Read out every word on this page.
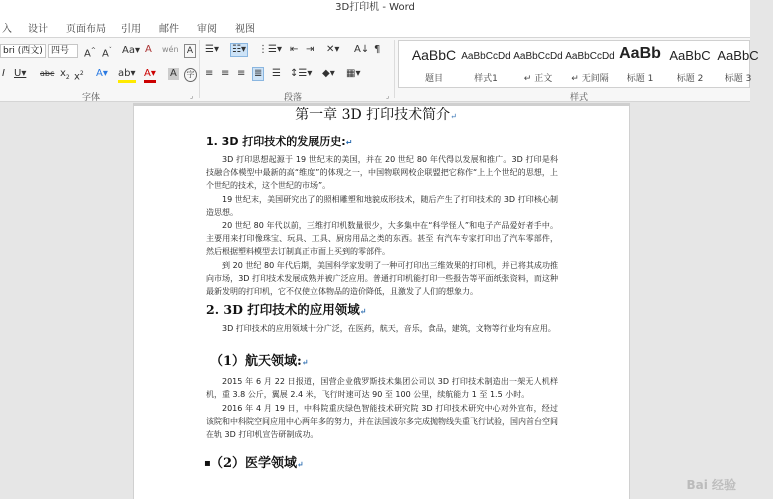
3D打印机 - Word
入 设计 页面布局 引用 邮件 审阅 视图
bri (西文) 四号	A^ $A^ˇ$ Aa▾ A
I U▾ abc $x_2$ $x^2$ A▾ ab▾ A▾ A	字
wén A
字体	⌟
☰▾ ☷▾ ⋮☰▾ ⇤ ⇥ ✕▾ A↓ ¶
≡ ≡ ≡ ≣ ☰ ↕☰▾ ◆▾ ▦▾
段落	⌟	样式
AaBbC
题目
AaBbCcDd
样式1
AaBbCcDd
↵ 正文
AaBbCcDd
↵ 无间隔
AaBb
标题 1
AaBbC
标题 2
AaBbC
标题 3
第一章 3D 打印技术简介↵
1. 3D 打印技术的发展历史:↵
3D 打印思想起源于 19 世纪末的美国，并在 20 世纪 80 年代得以发展和推广。3D 打印是科技融合体模型中最新的高“维度”的体现之一，中国物联网校企联盟把它称作“上上个世纪的思想，上个世纪的技术，这个世纪的市场”。
19 世纪末，美国研究出了的照相雕塑和地貌成形技术，随后产生了打印技术的 3D 打印核心制造思想。
20 世纪 80 年代以前，三维打印机数量很少，大多集中在“科学怪人”和电子产品爱好者手中。主要用来打印像珠宝、玩具、工具、厨房用品之类的东西。甚至 有汽车专家打印出了汽车零部件，然后根据塑料模型去订制真正市面上买到的零部件。
到 20 世纪 80 年代后期，美国科学家发明了一种可打印出三维效果的打印机，并已将其成功推向市场，3D 打印技术发展成熟并被广泛应用。普通打印机能打印一些报告等平面纸张资料，而这种最新发明的打印机，它不仅使立体物品的造价降低，且激发了人们的想象力。
2. 3D 打印技术的应用领域↵
3D 打印技术的应用领域十分广泛，在医药，航天，音乐，食品，建筑，文物等行业均有应用。
（1）航天领域:↵
2015 年 6 月 22 日报道，国营企业俄罗斯技术集团公司以 3D 打印技术制造出一架无人机样机，重 3.8 公斤，翼展 2.4 米，飞行时速可达 90 至 100 公里，续航能力 1 至 1.5 小时。
2016 年 4 月 19 日，中科院重庆绿色智能技术研究院 3D 打印技术研究中心对外宣布，经过该院和中科院空间应用中心两年多的努力，并在法国波尔多完成抛物线失重飞行试验，国内首台空间在轨 3D 打印机宣告研制成功。
▪ （2）医学领域↵
Bai 经验
